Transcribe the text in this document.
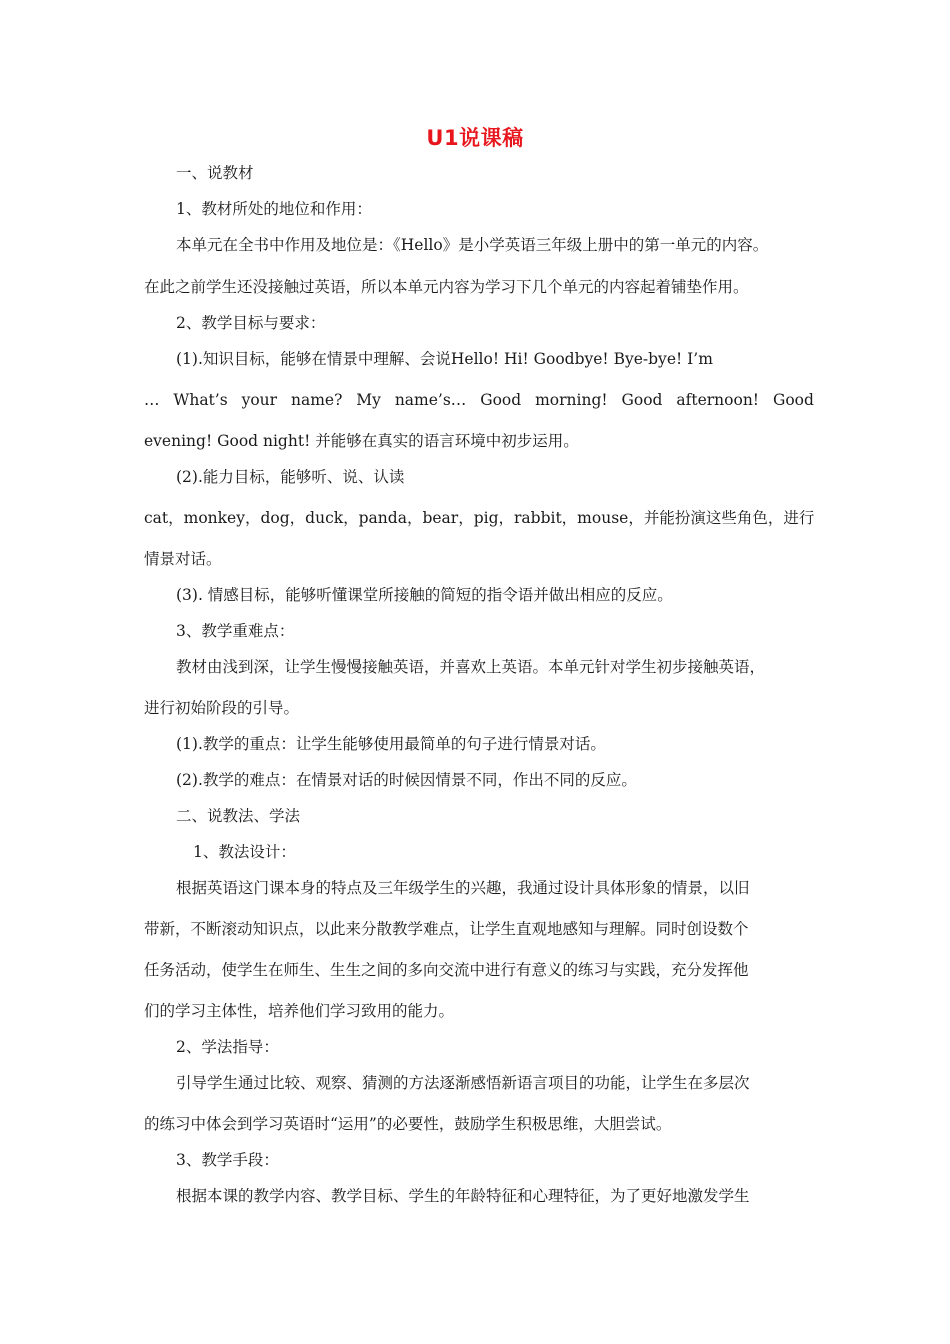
U1说课稿
一、说教材
1、教材所处的地位和作用：
本单元在全书中作用及地位是：《Hello》是小学英语三年级上册中的第一单元的内容。
在此之前学生还没接触过英语，所以本单元内容为学习下几个单元的内容起着铺垫作用。
2、教学目标与要求：
(1).知识目标，能够在情景中理解、会说Hello! Hi! Goodbye! Bye-bye! I’m
… What’s your name? My name’s… Good morning! Good afternoon! Good
evening! Good night! 并能够在真实的语言环境中初步运用。
(2).能力目标，能够听、说、认读
cat，monkey，dog，duck，panda，bear，pig，rabbit，mouse，并能扮演这些角色，进行
情景对话。
(3). 情感目标，能够听懂课堂所接触的简短的指令语并做出相应的反应。
3、教学重难点：
教材由浅到深，让学生慢慢接触英语，并喜欢上英语。本单元针对学生初步接触英语，
进行初始阶段的引导。
(1).教学的重点：让学生能够使用最简单的句子进行情景对话。
(2).教学的难点：在情景对话的时候因情景不同，作出不同的反应。
二、说教法、学法
1、教法设计：
根据英语这门课本身的特点及三年级学生的兴趣，我通过设计具体形象的情景，以旧
带新，不断滚动知识点，以此来分散教学难点，让学生直观地感知与理解。同时创设数个
任务活动，使学生在师生、生生之间的多向交流中进行有意义的练习与实践，充分发挥他
们的学习主体性，培养他们学习致用的能力。
2、学法指导：
引导学生通过比较、观察、猜测的方法逐渐感悟新语言项目的功能，让学生在多层次
的练习中体会到学习英语时“运用”的必要性，鼓励学生积极思维，大胆尝试。
3、教学手段：
根据本课的教学内容、教学目标、学生的年龄特征和心理特征，为了更好地激发学生
